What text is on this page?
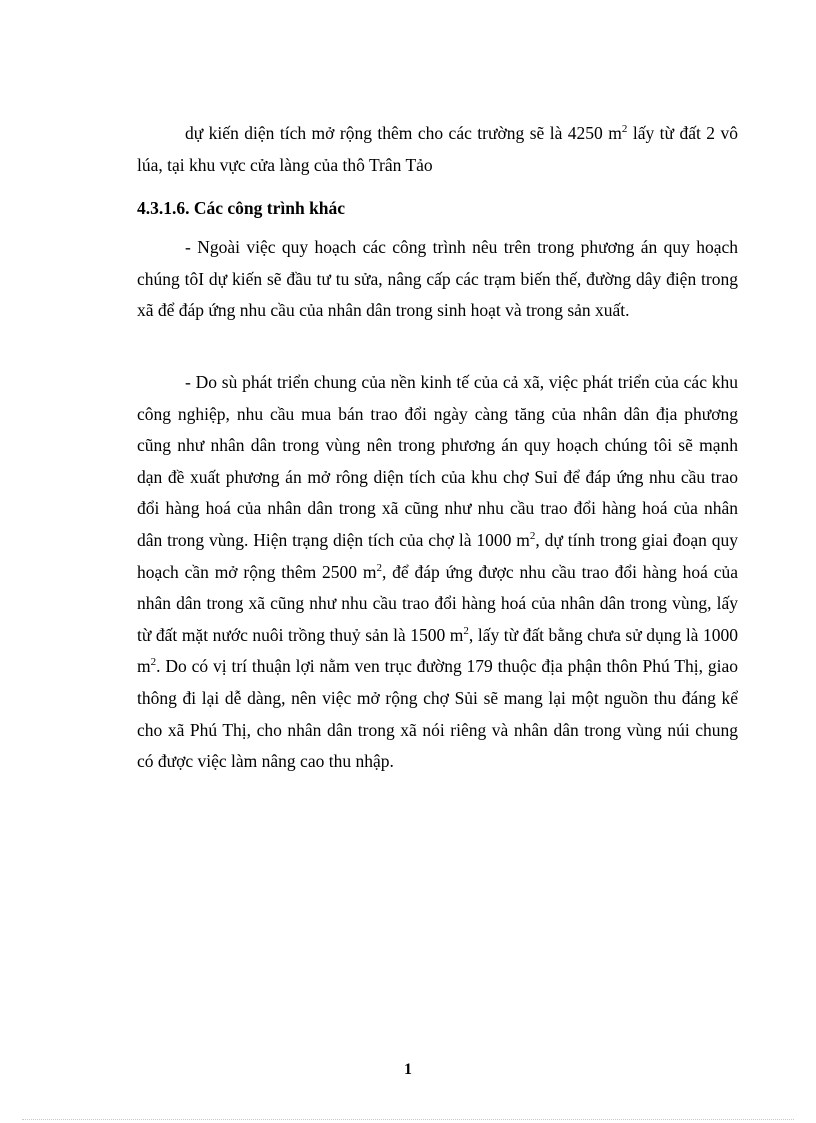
dự kiến diện tích mở rộng thêm cho các trường sẽ là 4250 $m^2$ lấy từ đất 2 vô lúa, tại khu vực cửa làng của thô Trân Tảo

4.3.1.6. Các công trình khác

- Ngoài việc quy hoạch các công trình nêu trên trong phương án quy hoạch chúng tôI dự kiến sẽ đầu tư tu sửa, nâng cấp các trạm biến thế, đường dây điện trong xã để đáp ứng nhu cầu của nhân dân trong sinh hoạt và trong sản xuất.

- Do sù phát triển chung của nền kinh tế của cả xã, việc phát triển của các khu công nghiệp, nhu cầu mua bán trao đổi ngày càng tăng của nhân dân địa phương cũng như nhân dân trong vùng nên trong phương án quy hoạch chúng tôi sẽ mạnh dạn đề xuất phương án mở rông diện tích của khu chợ Suỉ để đáp ứng nhu cầu trao đổi hàng hoá của nhân dân trong xã cũng như nhu cầu trao đổi hàng hoá của nhân dân trong vùng. Hiện trạng diện tích của chợ là 1000 $m^2$, dự tính trong giai đoạn quy hoạch cần mở rộng thêm 2500 $m^2$, để đáp ứng được nhu cầu trao đổi hàng hoá của nhân dân trong xã cũng như nhu cầu trao đổi hàng hoá của nhân dân trong vùng, lấy từ đất mặt nước nuôi trồng thuỷ sản là 1500 $m^2$, lấy từ đất bằng chưa sử dụng là 1000 $m^2$. Do có vị trí thuận lợi nằm ven trục đường 179 thuộc địa phận thôn Phú Thị, giao thông đi lại dễ dàng, nên việc mở rộng chợ Sủi sẽ mang lại một nguồn thu đáng kể cho xã Phú Thị, cho nhân dân trong xã nói riêng và nhân dân trong vùng núi chung có được việc làm nâng cao thu nhập.

1
